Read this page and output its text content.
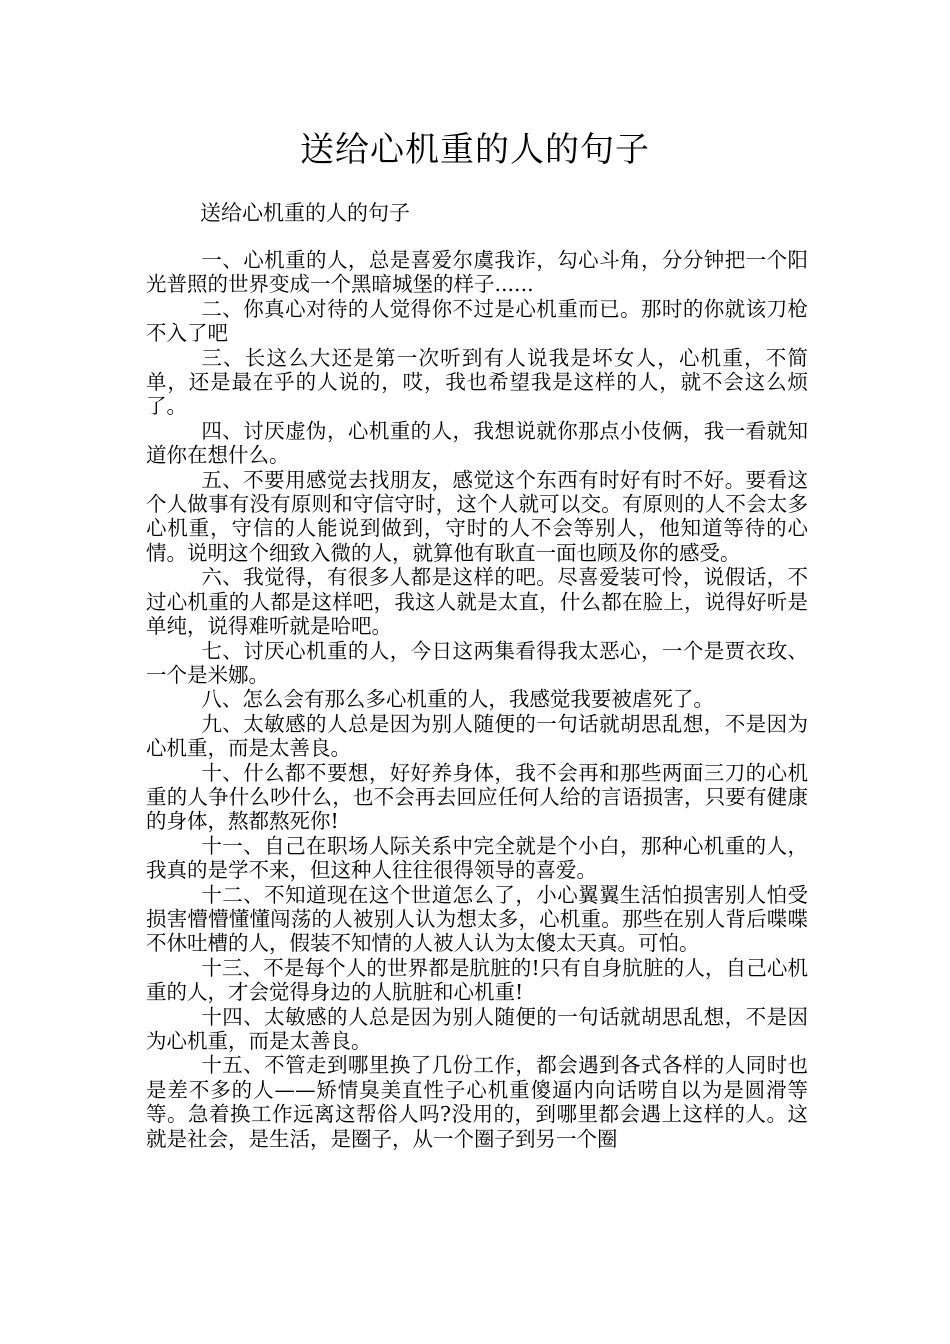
送给心机重的人的句子

送给心机重的人的句子

一、心机重的人，总是喜爱尔虞我诈，勾心斗角，分分钟把一个阳光普照的世界变成一个黑暗城堡的样子......

二、你真心对待的人觉得你不过是心机重而已。那时的你就该刀枪不入了吧

三、长这么大还是第一次听到有人说我是坏女人，心机重，不简单，还是最在乎的人说的，哎，我也希望我是这样的人，就不会这么烦了。

四、讨厌虚伪，心机重的人，我想说就你那点小伎俩，我一看就知道你在想什么。

五、不要用感觉去找朋友，感觉这个东西有时好有时不好。要看这个人做事有没有原则和守信守时，这个人就可以交。有原则的人不会太多心机重，守信的人能说到做到，守时的人不会等别人，他知道等待的心情。说明这个细致入微的人，就算他有耿直一面也顾及你的感受。

六、我觉得，有很多人都是这样的吧。尽喜爱装可怜，说假话，不过心机重的人都是这样吧，我这人就是太直，什么都在脸上，说得好听是单纯，说得难听就是哈吧。

七、讨厌心机重的人，今日这两集看得我太恶心，一个是贾衣玫、一个是米娜。

八、怎么会有那么多心机重的人，我感觉我要被虐死了。

九、太敏感的人总是因为别人随便的一句话就胡思乱想，不是因为心机重，而是太善良。

十、什么都不要想，好好养身体，我不会再和那些两面三刀的心机重的人争什么吵什么，也不会再去回应任何人给的言语损害，只要有健康的身体，熬都熬死你!

十一、自己在职场人际关系中完全就是个小白，那种心机重的人，我真的是学不来，但这种人往往很得领导的喜爱。

十二、不知道现在这个世道怎么了，小心翼翼生活怕损害别人怕受损害懵懵懂懂闯荡的人被别人认为想太多，心机重。那些在别人背后喋喋不休吐槽的人，假装不知情的人被人认为太傻太天真。可怕。

十三、不是每个人的世界都是肮脏的!只有自身肮脏的人，自己心机重的人，才会觉得身边的人肮脏和心机重!

十四、太敏感的人总是因为别人随便的一句话就胡思乱想，不是因为心机重，而是太善良。

十五、不管走到哪里换了几份工作，都会遇到各式各样的人同时也是差不多的人——矫情臭美直性子心机重傻逼内向话唠自以为是圆滑等等。急着换工作远离这帮俗人吗?没用的，到哪里都会遇上这样的人。这就是社会，是生活，是圈子，从一个圈子到另一个圈
